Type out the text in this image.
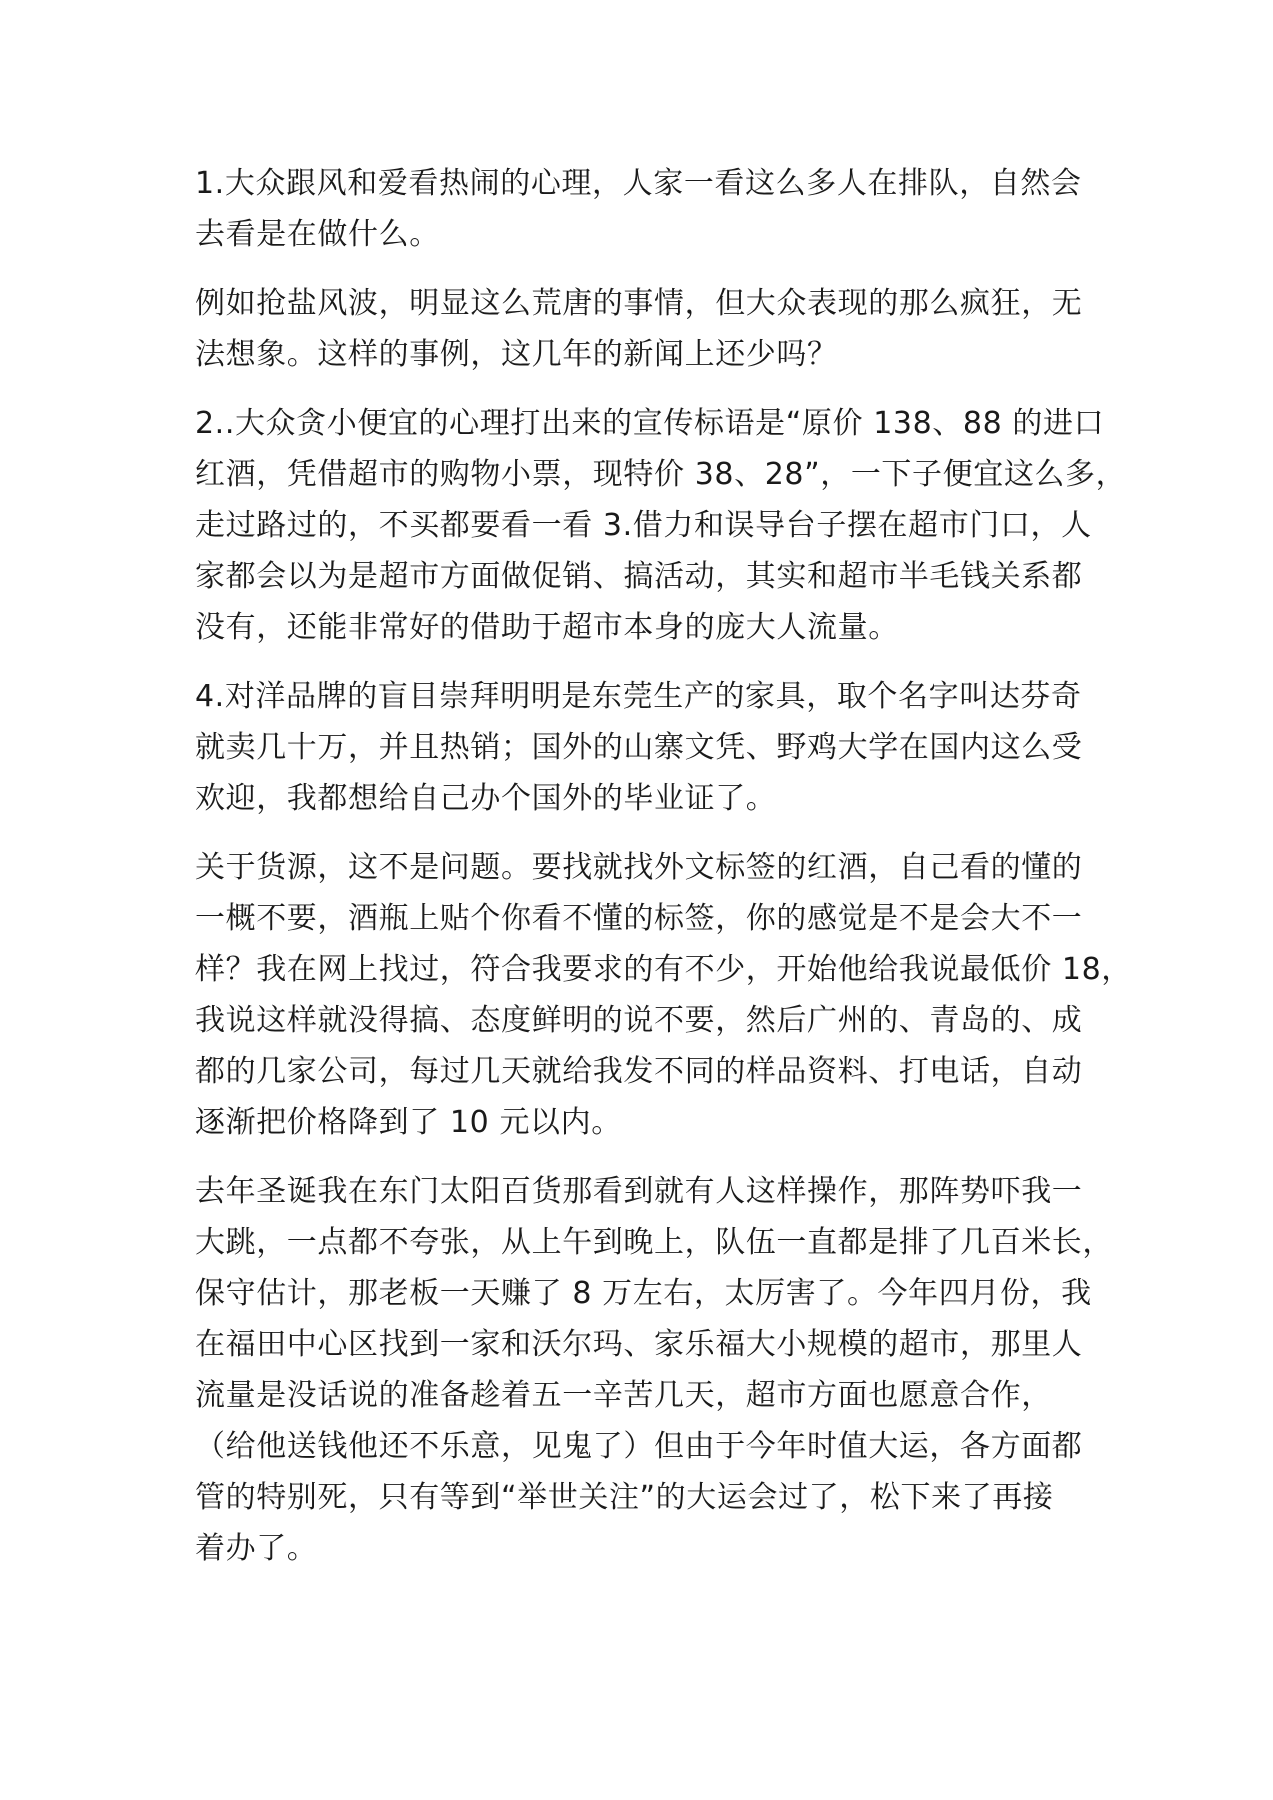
1.大众跟风和爱看热闹的心理，人家一看这么多人在排队，自然会
去看是在做什么。
例如抢盐风波，明显这么荒唐的事情，但大众表现的那么疯狂，无
法想象。这样的事例，这几年的新闻上还少吗？
2..大众贪小便宜的心理打出来的宣传标语是“原价 138、88 的进口
红酒，凭借超市的购物小票，现特价 38、28”，一下子便宜这么多，
走过路过的，不买都要看一看 3.借力和误导台子摆在超市门口，人
家都会以为是超市方面做促销、搞活动，其实和超市半毛钱关系都
没有，还能非常好的借助于超市本身的庞大人流量。
4.对洋品牌的盲目崇拜明明是东莞生产的家具，取个名字叫达芬奇
就卖几十万，并且热销；国外的山寨文凭、野鸡大学在国内这么受
欢迎，我都想给自己办个国外的毕业证了。
关于货源，这不是问题。要找就找外文标签的红酒，自己看的懂的
一概不要，酒瓶上贴个你看不懂的标签，你的感觉是不是会大不一
样？我在网上找过，符合我要求的有不少，开始他给我说最低价 18，
我说这样就没得搞、态度鲜明的说不要，然后广州的、青岛的、成
都的几家公司，每过几天就给我发不同的样品资料、打电话，自动
逐渐把价格降到了 10 元以内。
去年圣诞我在东门太阳百货那看到就有人这样操作，那阵势吓我一
大跳，一点都不夸张，从上午到晚上，队伍一直都是排了几百米长，
保守估计，那老板一天赚了 8 万左右，太厉害了。今年四月份，我
在福田中心区找到一家和沃尔玛、家乐福大小规模的超市，那里人
流量是没话说的准备趁着五一辛苦几天，超市方面也愿意合作，
（给他送钱他还不乐意，见鬼了）但由于今年时值大运，各方面都
管的特别死，只有等到“举世关注”的大运会过了，松下来了再接
着办了。
